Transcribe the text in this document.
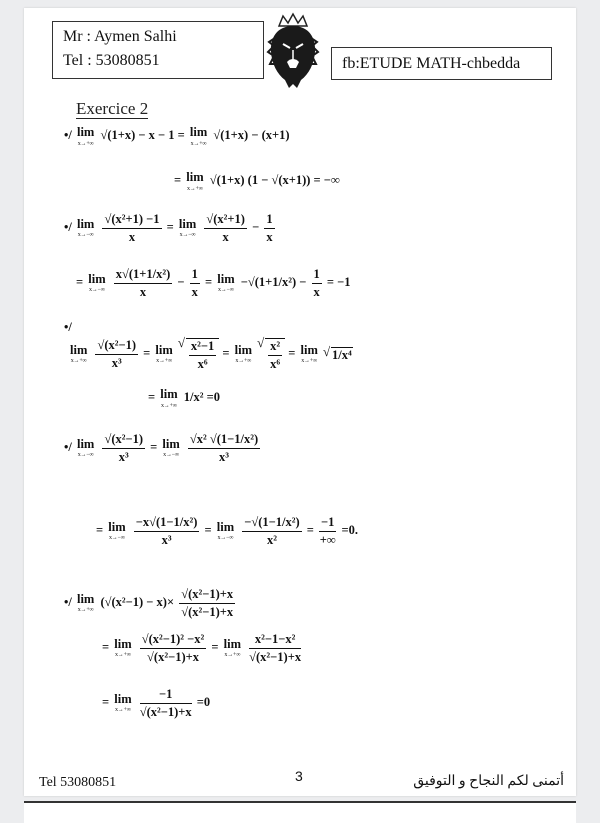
Mr : Aymen Salhi
Tel : 53080851	fb:ETUDE MATH-chbedda
Exercice 2
•/ lim
x→+∞
√(1+x) − x − 1 = lim
x→+∞
√(1+x) − (x+1)
= lim
x→+∞
√(1+x) (1 − √(x+1)) = −∞
•/ lim
x→−∞
$\frac{\text{√(x²+1) −1}}{x} = \lim$
x→−∞
$\frac{\text{√(x²+1)}}{x} - \frac{1}{x}$
= lim
x→−∞
$\frac{\text{x√(1+1/x²)}}{x} - \frac{1}{x} = \lim$
x→−∞
$-√(1+1/x^2) - \frac{1}{x} = -1$
•/
lim
x→+∞
$\frac{\text{√(x²−1)}}{\text{x³}} = \lim$
x→+∞
√ $\frac{\text{x²−1}}{\text{x⁶}} = \lim$
x→+∞
√ $\frac{\text{x²}}{\text{x⁶}} = \lim$
x→+∞ √ 1/x⁴
= lim
x→+∞
1/x² =0
•/ lim
x→−∞
$\frac{\text{√(x²−1)}}{\text{x³}} = \lim$
x→−∞
$\frac{\text{√x² √(1−1/x²)}}{\text{x³}}$
= lim
x→−∞
$\frac{\text{−x√(1−1/x²)}}{\text{x³}} = \lim$
x→−∞
$\frac{\text{−√(1−1/x²)}}{\text{x²}} = \frac{-1}{+\infty} =0$.
•/ lim
x→+∞
$(√(x^2-1) - x)\times \frac{\text{√(x²−1)+x}}{\text{√(x²−1)+x}}$
= lim
x→+∞
$\frac{\text{√(x²−1)² −x²}}{\text{√(x²−1)+x}} = \lim$
x→+∞
$\frac{\text{x²−1−x²}}{\text{√(x²−1)+x}}$
= lim
x→+∞
$\frac{-1}{\text{√(x²−1)+x}} =0$
Tel 53080851	3	أتمنى لكم النجاح و التوفيق
